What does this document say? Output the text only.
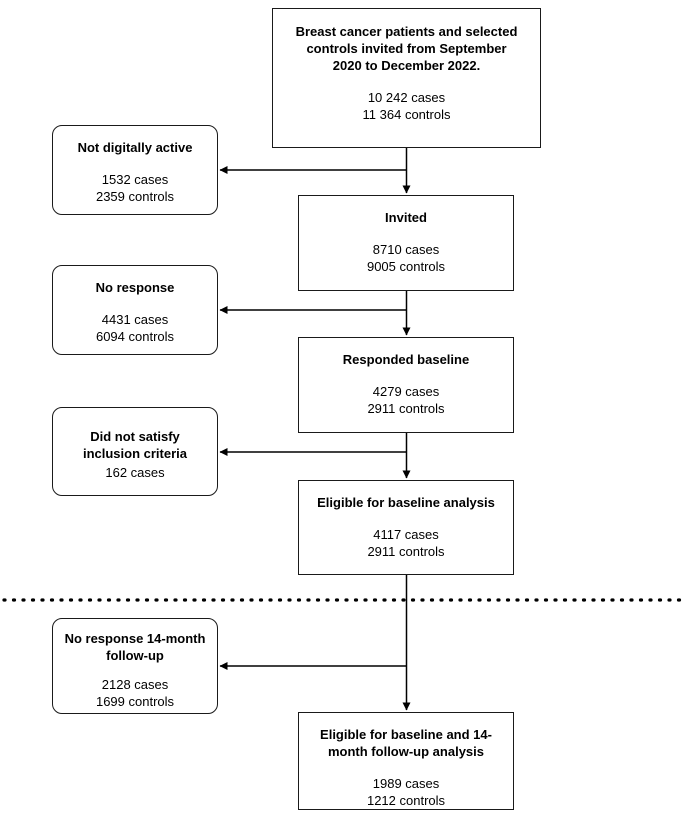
Breast cancer patients and selected controls invited from September 2020 to December 2022.
10 242 cases
11 364 controls
Invited
8710 cases
9005 controls
Responded baseline
4279 cases
2911 controls
Eligible for baseline analysis
4117 cases
2911 controls
Eligible for baseline and 14-month follow-up analysis
1989 cases
1212 controls
Not digitally active
1532 cases
2359 controls
No response
4431 cases
6094 controls
Did not satisfy inclusion criteria
162 cases
No response 14-month follow-up
2128 cases
1699 controls
